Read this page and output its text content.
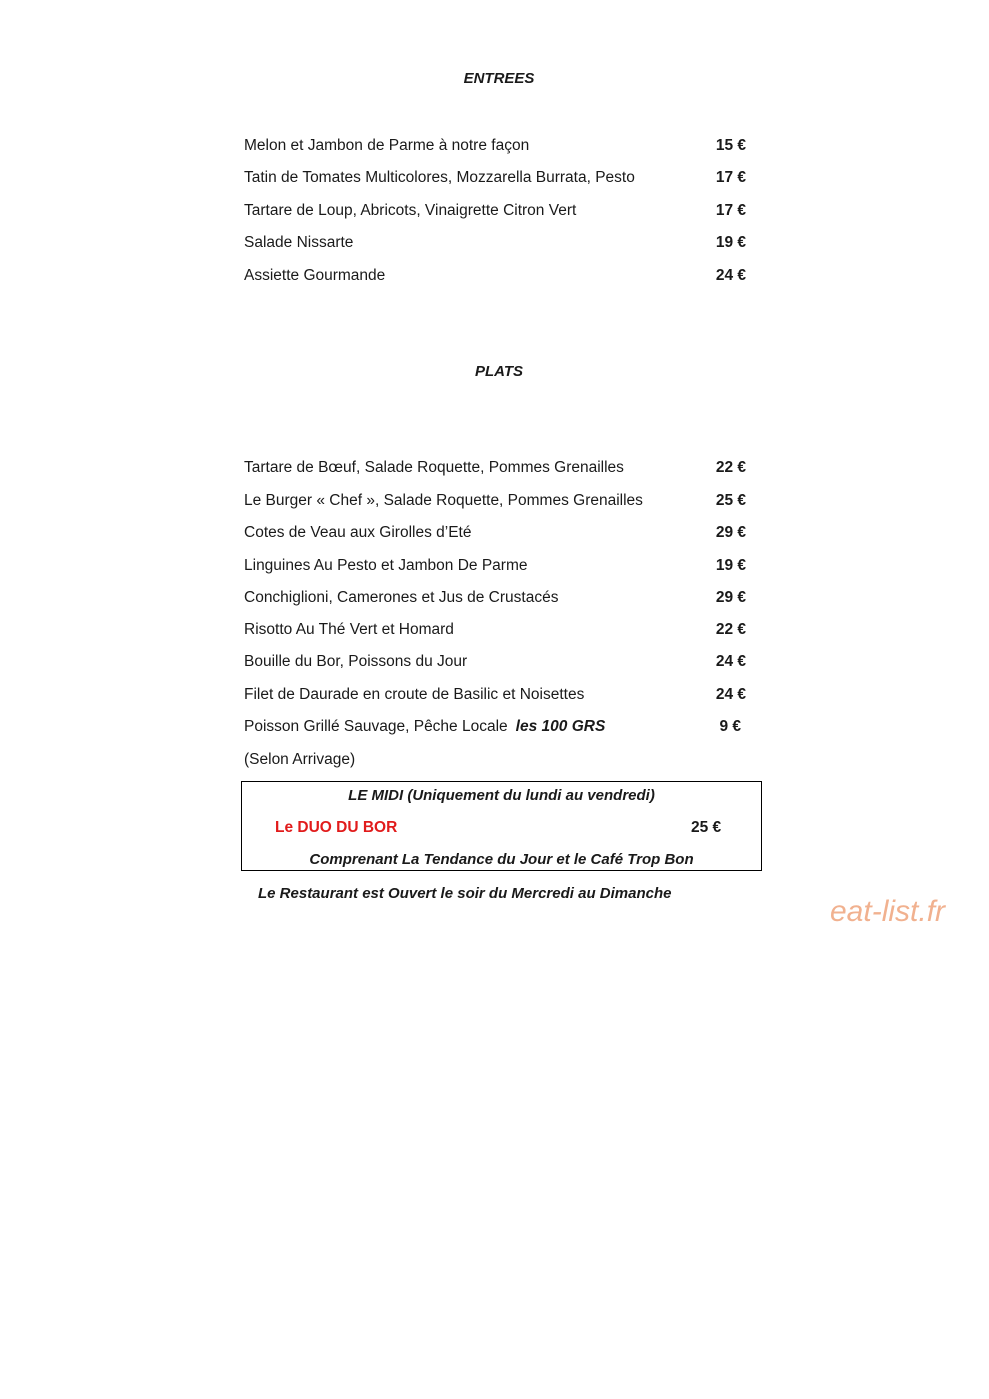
ENTREES
Melon et Jambon de Parme à notre façon	15 €
Tatin de Tomates Multicolores, Mozzarella Burrata, Pesto	17 €
Tartare de Loup, Abricots, Vinaigrette Citron Vert	17 €
Salade Nissarte	19 €
Assiette Gourmande	24 €
PLATS
Tartare de Bœuf, Salade Roquette, Pommes Grenailles	22 €
Le Burger « Chef », Salade Roquette, Pommes Grenailles	25 €
Cotes de Veau aux Girolles d’Eté	29 €
Linguines Au Pesto et Jambon De Parme	19 €
Conchiglioni, Camerones et Jus de Crustacés	29 €
Risotto Au Thé Vert et Homard	22 €
Bouille du Bor, Poissons du Jour	24 €
Filet de Daurade en croute de Basilic et Noisettes	24 €
Poisson Grillé Sauvage, Pêche Locale les 100 GRS	9 €
(Selon Arrivage)
LE MIDI (Uniquement du lundi au vendredi)
Le DUO DU BOR	25 €
Comprenant La Tendance du Jour et le Café Trop Bon
Le Restaurant est Ouvert le soir du Mercredi au Dimanche
eat-list.fr
